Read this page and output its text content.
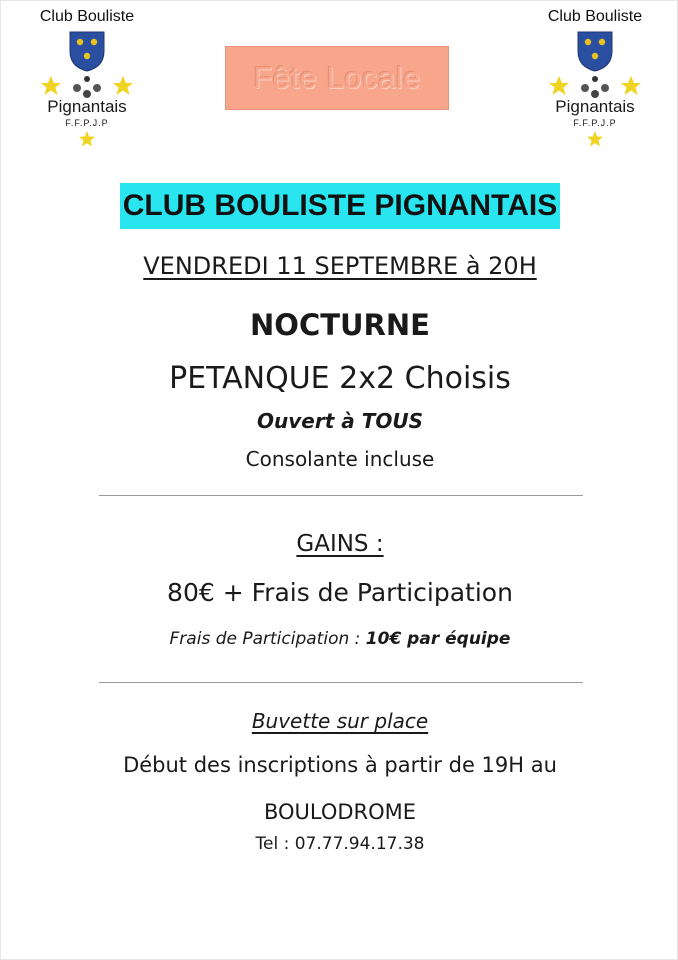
Club Bouliste
Pignantais
F.F.P.J.P
Club Bouliste
Pignantais
F.F.P.J.P
Fête Locale
CLUB BOULISTE PIGNANTAIS
VENDREDI 11 SEPTEMBRE à 20H
NOCTURNE
PETANQUE 2x2 Choisis
Ouvert à TOUS
Consolante incluse
GAINS :
80€ + Frais de Participation
Frais de Participation : 10€ par équipe
Buvette sur place
Début des inscriptions à partir de 19H au
BOULODROME
Tel : 07.77.94.17.38
